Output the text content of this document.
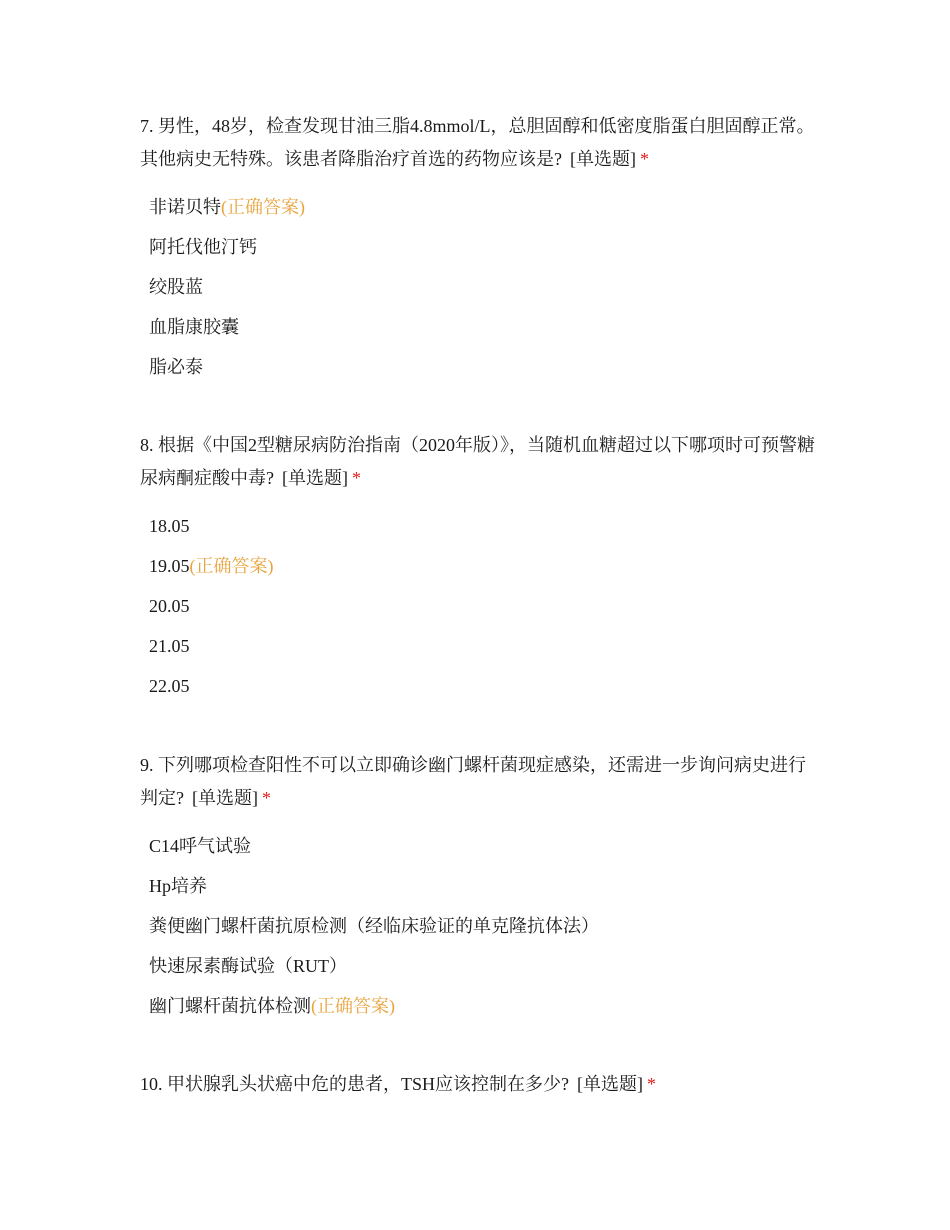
7. 男性，48岁，检查发现甘油三脂4.8mmol/L，总胆固醇和低密度脂蛋白胆固醇正常。其他病史无特殊。该患者降脂治疗首选的药物应该是? [单选题] *

非诺贝特(正确答案)
阿托伐他汀钙
绞股蓝
血脂康胶囊
脂必泰

8. 根据《中国2型糖尿病防治指南（2020年版）》，当随机血糖超过以下哪项时可预警糖尿病酮症酸中毒? [单选题] *

18.05
19.05(正确答案)
20.05
21.05
22.05

9. 下列哪项检查阳性不可以立即确诊幽门螺杆菌现症感染，还需进一步询问病史进行判定? [单选题] *

C14呼气试验
Hp培养
粪便幽门螺杆菌抗原检测（经临床验证的单克隆抗体法）
快速尿素酶试验（RUT）
幽门螺杆菌抗体检测(正确答案)

10. 甲状腺乳头状癌中危的患者，TSH应该控制在多少? [单选题] *
